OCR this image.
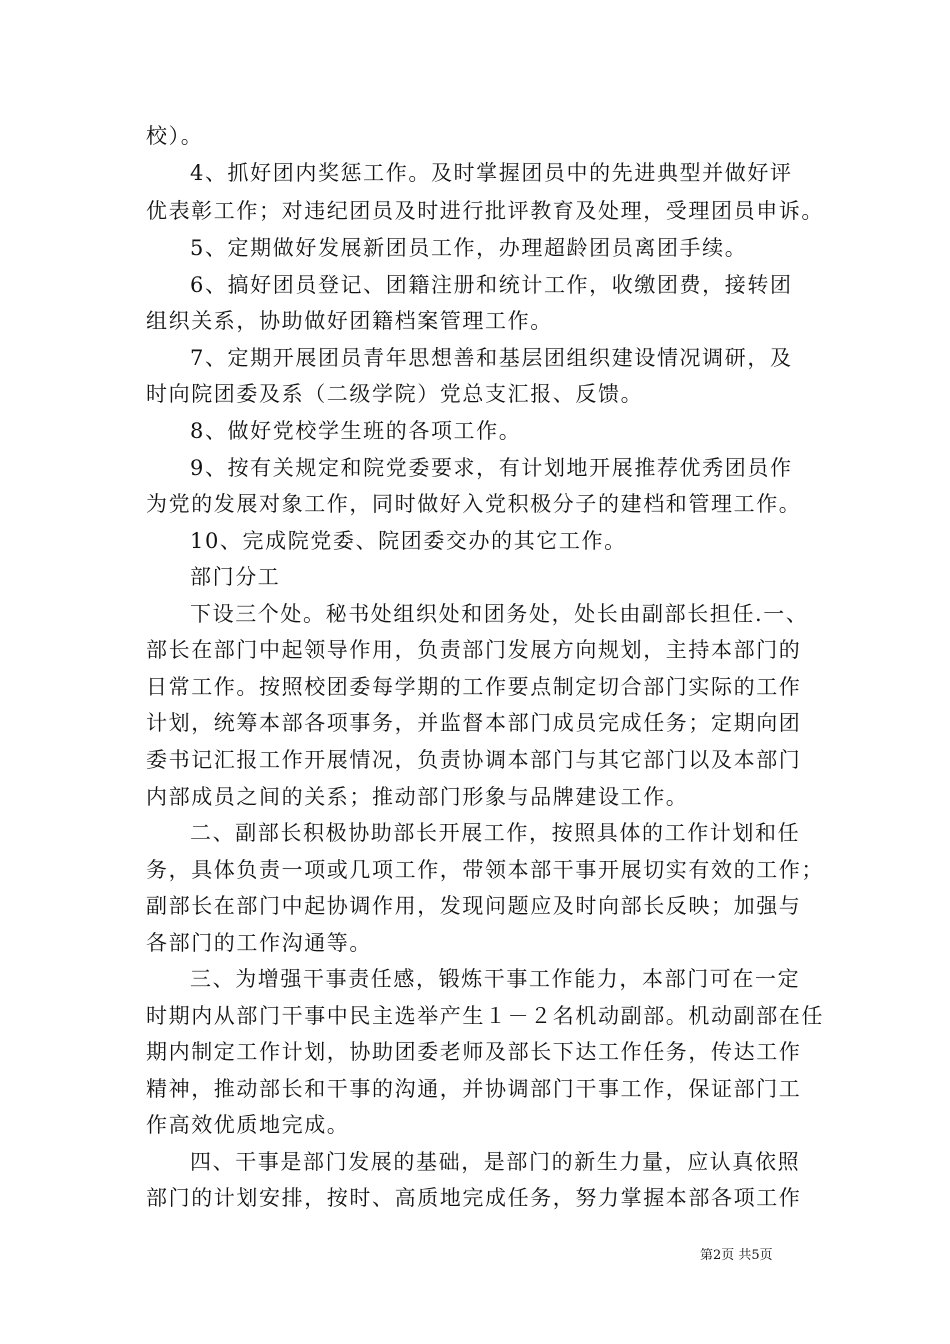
校）。
4、抓好团内奖惩工作。及时掌握团员中的先进典型并做好评
优表彰工作；对违纪团员及时进行批评教育及处理，受理团员申诉。
5、定期做好发展新团员工作，办理超龄团员离团手续。
6、搞好团员登记、团籍注册和统计工作，收缴团费，接转团
组织关系，协助做好团籍档案管理工作。
7、定期开展团员青年思想善和基层团组织建设情况调研，及
时向院团委及系（二级学院）党总支汇报、反馈。
8、做好党校学生班的各项工作。
9、按有关规定和院党委要求，有计划地开展推荐优秀团员作
为党的发展对象工作，同时做好入党积极分子的建档和管理工作。
10、完成院党委、院团委交办的其它工作。
部门分工
下设三个处。秘书处组织处和团务处，处长由副部长担任.一、
部长在部门中起领导作用，负责部门发展方向规划，主持本部门的
日常工作。按照校团委每学期的工作要点制定切合部门实际的工作
计划，统筹本部各项事务，并监督本部门成员完成任务；定期向团
委书记汇报工作开展情况，负责协调本部门与其它部门以及本部门
内部成员之间的关系；推动部门形象与品牌建设工作。
二、副部长积极协助部长开展工作，按照具体的工作计划和任
务，具体负责一项或几项工作，带领本部干事开展切实有效的工作；
副部长在部门中起协调作用，发现问题应及时向部长反映；加强与
各部门的工作沟通等。
三、为增强干事责任感，锻炼干事工作能力，本部门可在一定
时期内从部门干事中民主选举产生１－２名机动副部。机动副部在任
期内制定工作计划，协助团委老师及部长下达工作任务，传达工作
精神，推动部长和干事的沟通，并协调部门干事工作，保证部门工
作高效优质地完成。
四、干事是部门发展的基础，是部门的新生力量，应认真依照
部门的计划安排，按时、高质地完成任务，努力掌握本部各项工作
第2页 共5页
